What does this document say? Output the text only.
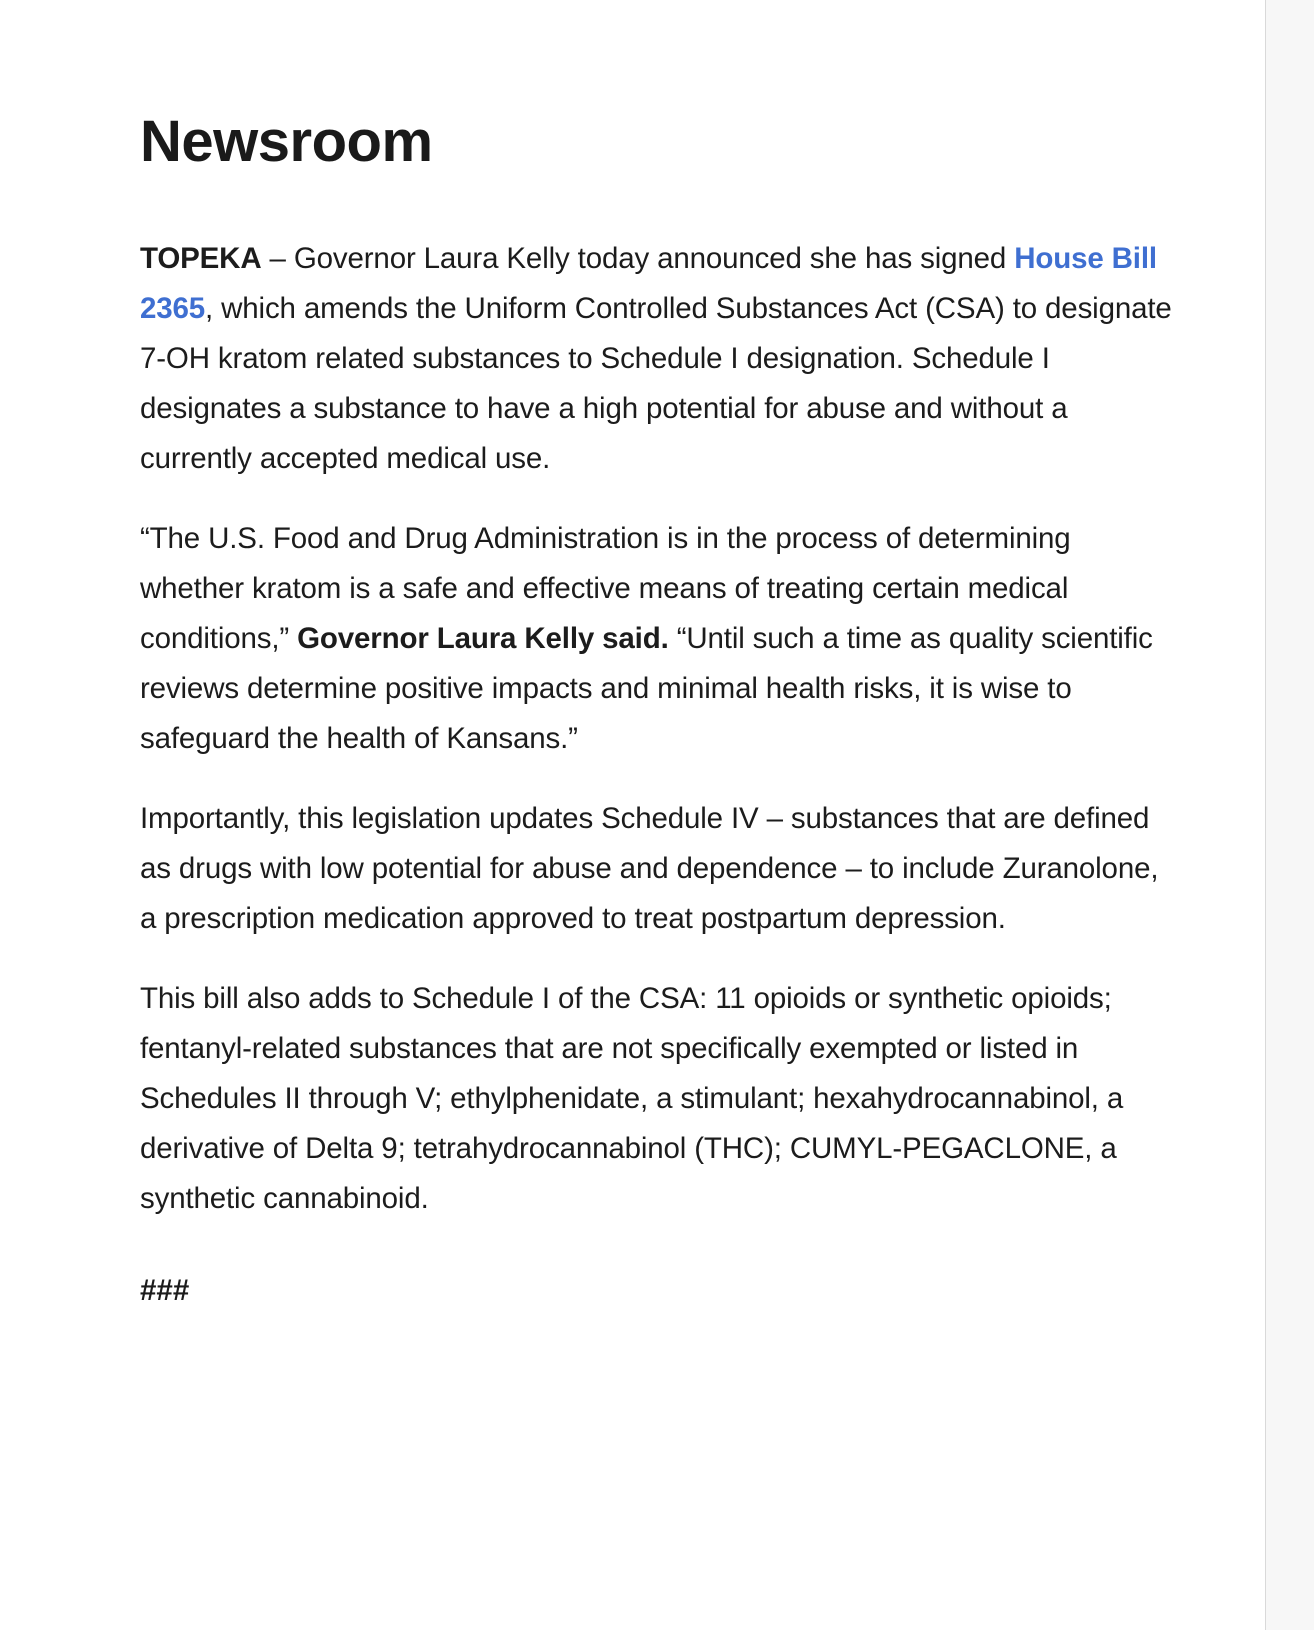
Newsroom

TOPEKA – Governor Laura Kelly today announced she has signed House Bill 2365, which amends the Uniform Controlled Substances Act (CSA) to designate 7-OH kratom related substances to Schedule I designation. Schedule I designates a substance to have a high potential for abuse and without a currently accepted medical use.

“The U.S. Food and Drug Administration is in the process of determining whether kratom is a safe and effective means of treating certain medical conditions,” Governor Laura Kelly said. “Until such a time as quality scientific reviews determine positive impacts and minimal health risks, it is wise to safeguard the health of Kansans.”

Importantly, this legislation updates Schedule IV – substances that are defined as drugs with low potential for abuse and dependence – to include Zuranolone, a prescription medication approved to treat postpartum depression.

This bill also adds to Schedule I of the CSA: 11 opioids or synthetic opioids; fentanyl-related substances that are not specifically exempted or listed in Schedules II through V; ethylphenidate, a stimulant; hexahydrocannabinol, a derivative of Delta 9; tetrahydrocannabinol (THC); CUMYL-PEGACLONE, a synthetic cannabinoid.

###
